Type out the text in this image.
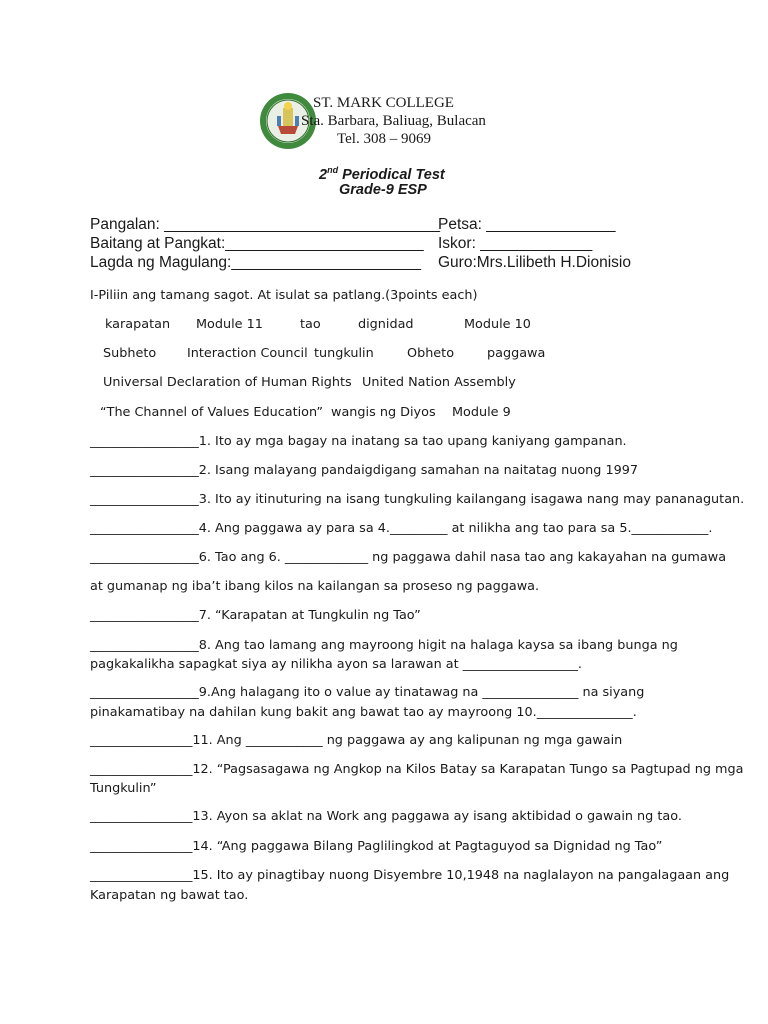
ST. MARK COLLEGE
Sta. Barbara, Baliuag, Bulacan
Tel. 308 – 9069
2nd Periodical Test
Grade-9 ESP
Pangalan: ________________________________
Petsa: _______________
Baitang at Pangkat:_______________________ Iskor: _____________
Lagda ng Magulang:______________________ Guro:Mrs.Lilibeth H.Dionisio
I-Piliin ang tamang sagot. At isulat sa patlang.(3points each)
karapatan Module 11	tao	dignidad	Module 10
Subheto Interaction Council tungkulin	Obheto	paggawa
Universal Declaration of Human Rights United Nation Assembly
“The Channel of Values Education” wangis ng Diyos Module 9
_________________1. Ito ay mga bagay na inatang sa tao upang kaniyang gampanan.
_________________2. Isang malayang pandaigdigang samahan na naitatag nuong 1997
_________________3. Ito ay itinuturing na isang tungkuling kailangang isagawa nang may pananagutan.
_________________4. Ang paggawa ay para sa 4._________ at nilikha ang tao para sa 5.____________.
_________________6. Tao ang 6. _____________ ng paggawa dahil nasa tao ang kakayahan na gumawa
at gumanap ng iba’t ibang kilos na kailangan sa proseso ng paggawa.
_________________7. “Karapatan at Tungkulin ng Tao”
_________________8. Ang tao lamang ang mayroong higit na halaga kaysa sa ibang bunga ng
pagkakalikha sapagkat siya ay nilikha ayon sa larawan at __________________.
_________________9.Ang halagang ito o value ay tinatawag na _______________ na siyang
pinakamatibay na dahilan kung bakit ang bawat tao ay mayroong 10._______________.
________________11. Ang ____________ ng paggawa ay ang kalipunan ng mga gawain
________________12. “Pagsasagawa ng Angkop na Kilos Batay sa Karapatan Tungo sa Pagtupad ng mga
Tungkulin”
________________13. Ayon sa aklat na Work ang paggawa ay isang aktibidad o gawain ng tao.
________________14. “Ang paggawa Bilang Paglilingkod at Pagtaguyod sa Dignidad ng Tao”
________________15. Ito ay pinagtibay nuong Disyembre 10,1948 na naglalayon na pangalagaan ang
Karapatan ng bawat tao.
